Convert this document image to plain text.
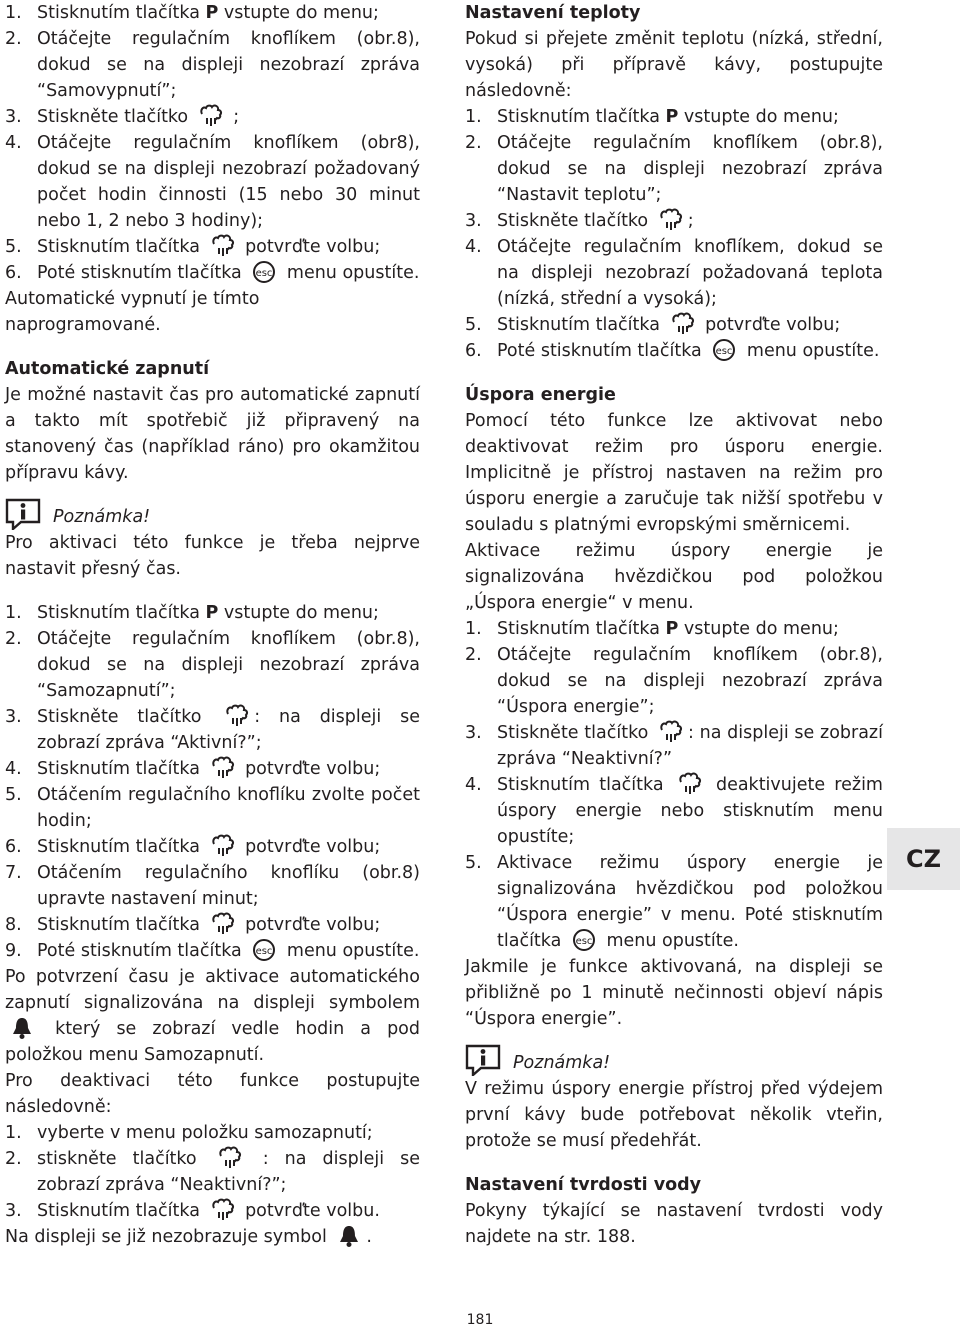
1. Stisknutím tlačítka P vstupte do menu;
2. Otáčejte regulačním knoflíkem (obr.8), dokud se na displeji nezobrazí zpráva “Samovypnutí”;
3. Stiskněte tlačítko  ;
4. Otáčejte regulačním knoflíkem (obr8), dokud se na displeji nezobrazí požadovaný počet hodin činnosti (15 nebo 30 minut nebo 1, 2 nebo 3 hodiny);
5. Stisknutím tlačítka  potvrďte volbu;
6. Poté stisknutím tlačítka esc menu opustíte.

Automatické vypnutí je tímto naprogramované.

Automatické zapnutí

Je možné nastavit čas pro automatické zapnutí a takto mít spotřebič již připravený na stanovený čas (například ráno) pro okamžitou přípravu kávy.

Poznámka!

Pro aktivaci této funkce je třeba nejprve nastavit přesný čas.

1. Stisknutím tlačítka P vstupte do menu;
2. Otáčejte regulačním knoflíkem (obr.8), dokud se na displeji nezobrazí zpráva “Samozapnutí”;
3. Stiskněte tlačítko : na displeji se zobrazí zpráva “Aktivní?”;
4. Stisknutím tlačítka  potvrďte volbu;
5. Otáčením regulačního knoflíku zvolte počet hodin;
6. Stisknutím tlačítka  potvrďte volbu;
7. Otáčením regulačního knoflíku (obr.8) upravte nastavení minut;
8. Stisknutím tlačítka  potvrďte volbu;
9. Poté stisknutím tlačítka esc menu opustíte.

Po potvrzení času je aktivace automatického zapnutí signalizována na displeji symbolem  který se zobrazí vedle hodin a pod položkou menu Samozapnutí.

Pro deaktivaci této funkce postupujte následovně:

1. vyberte v menu položku samozapnutí;
2. stiskněte tlačítko  : na displeji se zobrazí zpráva “Neaktivní?”;
3. Stisknutím tlačítka  potvrďte volbu.

Na displeji se již nezobrazuje symbol .

Nastavení teploty

Pokud si přejete změnit teplotu (nízká, střední, vysoká) při přípravě kávy, postupujte následovně:

1. Stisknutím tlačítka P vstupte do menu;
2. Otáčejte regulačním knoflíkem (obr.8), dokud se na displeji nezobrazí zpráva “Nastavit teplotu”;
3. Stiskněte tlačítko ;
4. Otáčejte regulačním knoflíkem, dokud se na displeji nezobrazí požadovaná teplota (nízká, střední a vysoká);
5. Stisknutím tlačítka  potvrďte volbu;
6. Poté stisknutím tlačítka esc menu opustíte.

Úspora energie

Pomocí této funkce lze aktivovat nebo deaktivovat režim pro úsporu energie. Implicitně je přístroj nastaven na režim pro úsporu energie a zaručuje tak nižší spotřebu v souladu s platnými evropskými směrnicemi.

Aktivace režimu úspory energie je signalizována hvězdičkou pod položkou „Úspora energie“ v menu.

1. Stisknutím tlačítka P vstupte do menu;
2. Otáčejte regulačním knoflíkem (obr.8), dokud se na displeji nezobrazí zpráva “Úspora energie”;
3. Stiskněte tlačítko : na displeji se zobrazí zpráva “Neaktivní?”
4. Stisknutím tlačítka  deaktivujete režim úspory energie nebo stisknutím menu opustíte;
5. Aktivace režimu úspory energie je signalizována hvězdičkou pod položkou “Úspora energie” v menu. Poté stisknutím tlačítka esc menu opustíte.

Jakmile je funkce aktivovaná, na displeji se přibližně po 1 minutě nečinnosti objeví nápis “Úspora energie”.

Poznámka!

V režimu úspory energie přístroj před výdejem první kávy bude potřebovat několik vteřin, protože se musí předehřát.

Nastavení tvrdosti vody

Pokyny týkající se nastavení tvrdosti vody najdete na str. 188.

CZ
181
